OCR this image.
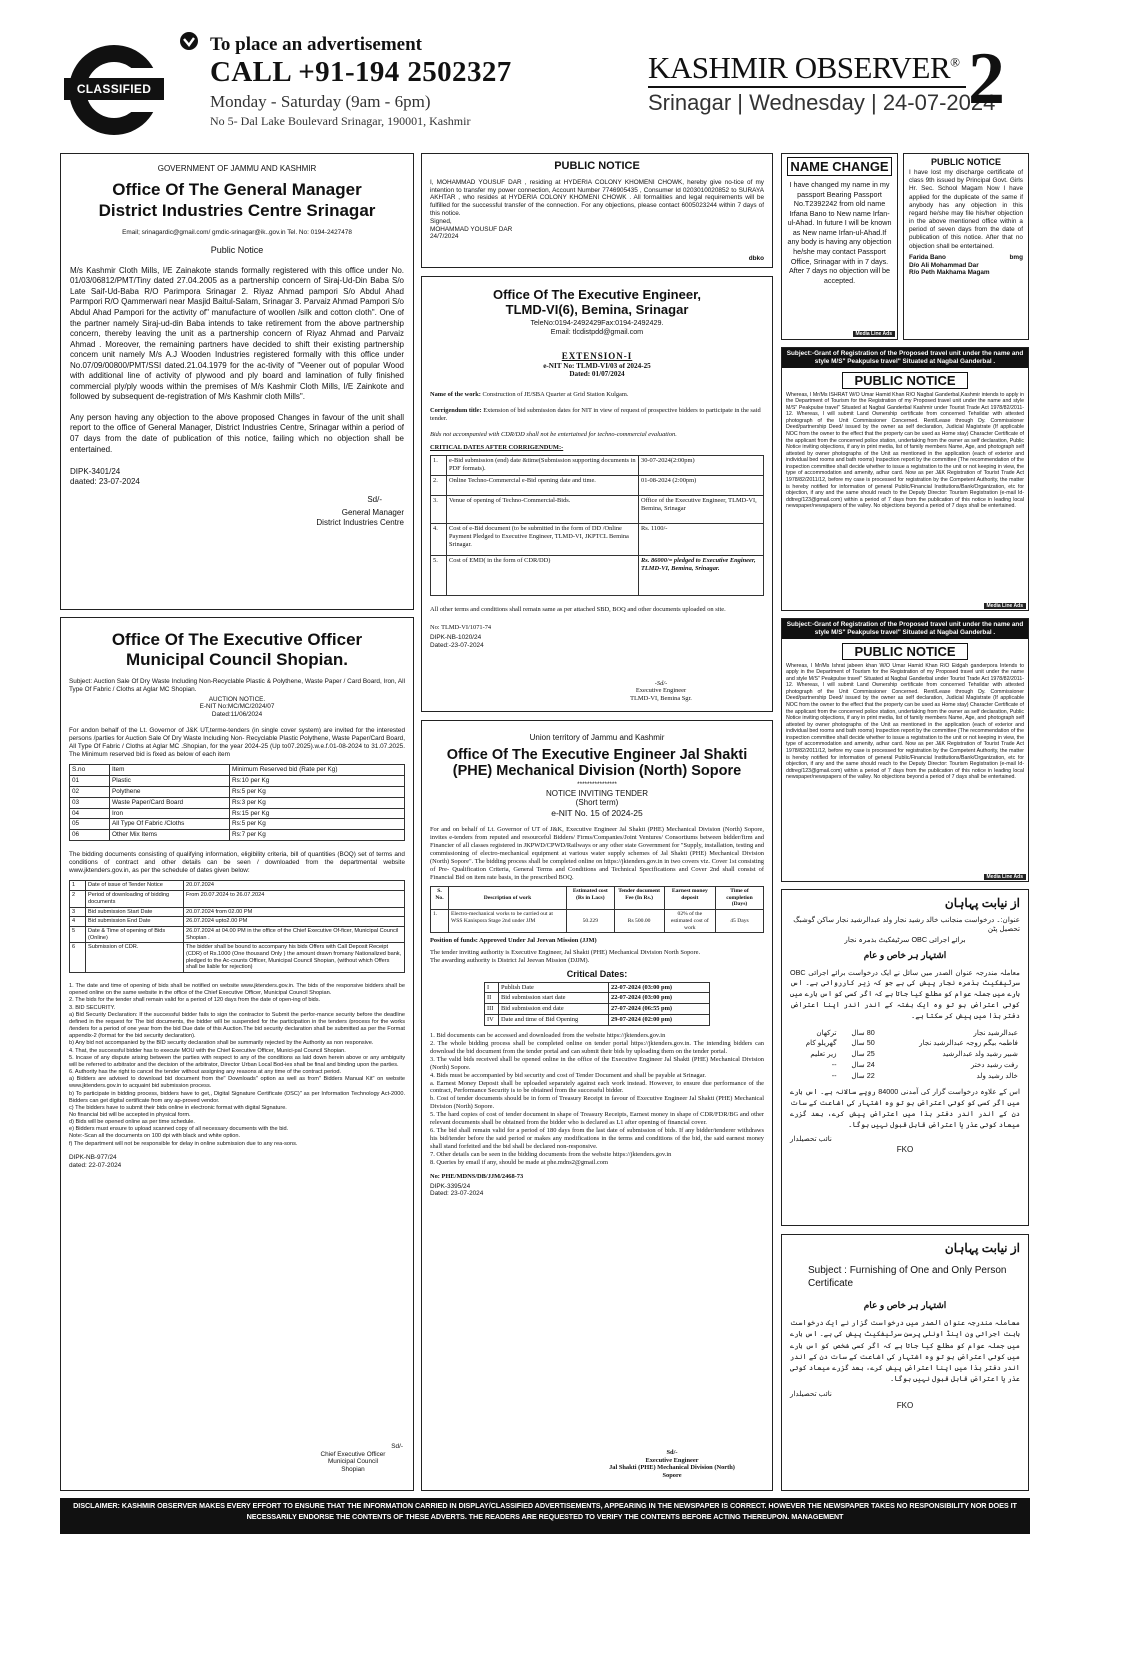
CLASSIFIED
To place an advertisement
CALL +91-194 2502327
Monday - Saturday (9am - 6pm)
No 5- Dal Lake Boulevard Srinagar, 190001, Kashmir
KASHMIR OBSERVER®
Srinagar | Wednesday | 24-07-2024
2
GOVERNMENT OF JAMMU AND KASHMIR
Office Of The General Manager
District Industries Centre Srinagar
Email; srinagardic@gmail.com/ gmdic-srinagar@ik..gov.in Tel. No: 0194-2427478
Public Notice
M/s Kashmir Cloth Mills, I/E Zainakote stands formally registered with this office under No. 01/03/06812/PMT/Tiny dated 27.04.2005 as a partnership concern of Siraj-Ud-Din Baba S/o Late Saif-Ud-Baba R/O Parimpora Srinagar 2. Riyaz Ahmad pampori S/o Abdul Ahad Parmpori R/O Qammerwari near Masjid Baitul-Salam, Srinagar 3. Parvaiz Ahmad Pampori S/o Abdul Ahad Pampori for the activity of" manufacture of woollen /silk and cotton cloth". One of the partner namely Siraj-ud-din Baba intends to take retirement from the above partnership concern, thereby leaving the unit as a partnership concern of Riyaz Ahmad and Parvaiz Ahmad . Moreover, the remaining partners have decided to shift their existing partnership concem unit namely M/s A.J Wooden Industries registered formally with this office under No.07/09/00800/PMT/SSI dated.21.04.1979 for the ac-tivity of "Veener out of popular Wood with additional line of activity of plywood and ply board and lamination of fully finished commercial ply/ply woods within the premises of M/s Kashmir Cloth Mills, I/E Zainkote and followed by subsequent de-registration of M/s Kashmir cloth Mills".
Any person having any objection to the above proposed Changes in favour of the unit shall report to the office of General Manager, District Industries Centre, Srinagar within a period of 07 days from the date of publication of this notice, failing which no objection shall be entertained.
DIPK-3401/24
daated: 23-07-2024
Sd/-
General Manager
District Industries Centre
Office Of The Executive Officer
Municipal Council Shopian.
Subject: Auction Sale Of Dry Waste Including Non-Recyclable Plastic & Polythene, Waste Paper / Card Board, Iron, All Type Of Fabric / Cloths at Aglar MC Shopian.
AUCTION NOTICE.
E-NIT No:MC/MC/2024/07
Dated:11/06/2024
For andon behalf of the Lt. Governor of J&K UT,terme-tenders (in single cover system) are invited for the interested persons /parties for Auction Sale Of Dry Waste Including Non- Recyclable Plastic Polythene, Waste Paper/Card Board, All Type Of Fabric / Cloths at Aglar MC .Shopian, for the year 2024-25 (Up to07.2025).w.e.f.01-08-2024 to 31.07.2025. The Minimum reserved bid is fixed as below of each item
S.no	Item	Minimum Reserved bid (Rate per Kg)
01	Plastic	Rs:10 per Kg
02	Polythene	Rs:5 per Kg
03	Waste Paper/Card Board	Rs:3 per Kg
04	Iron	Rs:15 per Kg
05	All Type Of Fabric /Cloths	Rs:5 per Kg
06	Other Mix Items	Rs:7 per Kg
The bidding documents consisting of qualifying information, eligibility criteria, bill of quantities (BOQ) set of terms and conditions of contract and other details can be seen / downloaded from the departmental website www.jktenders.gov.in, as per the schedule of dates given below:
1	Date of issue of Tender Notice	20.07.2024
2	Period of downloading of bidding documents	From 20.07.2024 to 26.07.2024
3	Bid submission Start Date	20.07.2024 from 02.00 PM
4	Bid submission End Date	26.07.2024 upto2.00 PM
5	Date & Time of opening of Bids (Online)	26.07.2024 at 04.00 PM in the office of the Chief Executive Of-ficer, Municipal Council Shopian .
6	Submission of CDR.	The bidder shall be bound to accompany his bids Offers with Call Deposit Receipt (CDR) of Rs.1000 (One thousand Only ) the amount drawn fromany Nationalized bank, pledged to the Ac-counts Officer, Municipal Council Shopian, (without which Offers shall be liable for rejection)
1. The date and time of opening of bids shall be notified on website www.jktenders.gov.in. The bids of the responsive bidders shall be opened online on the same website in the office of the Chief Executive Officer, Municipal Council Shopian.
2. The bids for the tender shall remain valid for a period of 120 days from the date of open-ing of bids.
3. BID SECURITY.
a) Bid Security Declaration: If the successful bidder fails to sign the contractor to Submit the perfor-mance security before the deadline defined in the request for The bid documents, the bidder will be suspended for the participation in the tenders /process for the works /tenders for a period of one year from the bid Due date of this Auction.The bid security declaration shall be submitted as per the Format appendix-2 (format for the bid security declaration).
b) Any bid not accompanied by the BID security declaration shall be summarily rejected by the Authority as non responsive.
4. That, the successful bidder has to execute MOU with the Chief Executive Officer, Munici-pal Council Shopian.
5. Incase of any dispute arising between the parties with respect to any of the conditions as laid down herein above or any ambiguity will be referred to arbitrator and the decision of the arbitrator, Director Urban Local Bod-ies shall be final and binding upon the parties.
6. Authority has the right to cancel the tender without assigning any reasons at any time of the contract period.
a) Bidders are advised to download bid document from the" Downloads" option as well as from" Bidders Manual Kit" on website www.jktenders.gov.in to acquaint bid submission process.
b) To participate in bidding process, bidders have to get,, Digital Signature Certificate (DSC)" as per Information Technology Act-2000. Bidders can get digital certificate from any ap-proved vendor.
c) The bidders have to submit their bids online in electronic format with digital Signature.
No financial bid will be accepted in physical form.
d) Bids will be opened online as per time schedule.
e) Bidders must ensure to upload scanned copy of all necessary documents with the bid.
Note:-Scan all the documents on 100 dpi with black and white option.
f) The department will not be responsible for delay in online submission due to any rea-sons.
DIPK-NB-977/24
dated: 22-07-2024
Sd/-
Chief Executive Officer
Municipal Council
Shopian
PUBLIC NOTICE
I, MOHAMMAD YOUSUF DAR , residing at HYDERIA COLONY KHOMENI CHOWK, hereby give no-tice of my intention to transfer my power connection, Account Number 7746905435 , Consumer Id 0203010020852 to SURAYA AKHTAR , who resides at HYDERIA COLONY KHOMENI CHOWK . All formalities and legal requirements will be fulfilled for the successful transfer of the connection. For any objections, please contact 6005023244 within 7 days of this notice.
Signed,
MOHAMMAD YOUSUF DAR
24/7/2024
dbko
Office Of The Executive Engineer,
TLMD-VI(6), Bemina, Srinagar
TeleNo:0194-2492429Fax:0194-2492429.
Email: tlcdistpdd@gmail.com
EXTENSION-I
e-NIT No: TLMD-VI/03 of 2024-25
Dated: 01/07/2024
Name of the work: Construction of JE/SBA Quarter at Grid Station Kulgam.
Corrigendum title: Extension of bid submission dates for NIT in view of request of prospective bidders to participate in the said tender.
Bids not accompanied with CDR/DD shall not be entertained for techno-commercial evaluation.
CRITICAL DATES AFTER CORRIGENDUM:-
1.	e-Bid submission (end) date &time(Submission supporting documents in PDF formats).	30-07-2024(2:00pm)
2.	Online Techno-Commercial e-Bid opening date and time.	01-08-2024 (2:00pm)
3.	Venue of opening of Techno-Commercial-Bids.	Office of the Executive Engineer, TLMD-VI, Bemina, Srinagar
4.	Cost of e-Bid document (to be submitted in the form of DD /Online Payment Pledged to Executive Engineer, TLMD-VI, JKPTCL Bemina Srinagar.	Rs. 1100/-
5.	Cost of EMD( in the form of CDR/DD)	Rs. 86000/= pledged to Executive Engineer, TLMD-VI, Bemina, Srinagar.
All other terms and conditions shall remain same as per attached SBD, BOQ and other documents uploaded on site.
No: TLMD-VI/1071-74
DIPK-NB-1020/24
Dated:-23-07-2024
-Sd/-
Executive Engineer
TLMD-VI, Bemina Sgr.
Union territory of Jammu and Kashmir
Office Of The Executive Engineer Jal Shakti
(PHE) Mechanical Division (North) Sopore
****************
NOTICE INVITING TENDER
(Short term)
e-NIT No. 15 of 2024-25
For and on behalf of Lt. Governor of UT of J&K, Executive Engineer Jal Shakti (PHE) Mechanical Division (North) Sopore, invites e-tenders from reputed and resourceful Bidders/ Firms/Companies/Joint Ventures/ Consortiums between bidder/firm and Financier of all classes registered in JKPWD/CPWD/Railways or any other state Government for "Supply, installation, testing and commissioning of electro-mechanical equipment at various water supply schemes of Jal Shakti (PHE) Mechanical Division (North) Sopore". The bidding process shall be completed online on https://jktenders.gov.in in two covers viz. Cover 1st consisting of Pre- Qualification Criteria, General Terms and Conditions and Technical Specifications and Cover 2nd shall consist of Financial Bid on item rate basis, in the prescribed BOQ.
S. No.	Description of work	Estimated cost (Rs in Lacs)	Tender document Fee (In Rs.)	Earnest money deposit	Time of completion (Days)
1.	Electro-mechanical works to be carried out at WSS Kanispora Stage 2nd under JJM	50.229	Rs 500.00	02% of the estimated cost of work	45 Days
Position of funds: Approved Under Jal Jeevan Mission (JJM)
The tender inviting authority is Executive Engineer, Jal Shakti (PHE) Mechanical Division North Sopore.
The awarding authority is District Jal Jeevan Mission (DJJM).
Critical Dates:
I	Publish Date	22-07-2024 (03:00 pm)
II	Bid submission start date	22-07-2024 (03:00 pm)
III	Bid submission end date	27-07-2024 (06:55 pm)
IV	Date and time of Bid Opening	29-07-2024 (02:00 pm)
1. Bid documents can be accessed and downloaded from the website https://jktenders.gov.in
2. The whole bidding process shall be completed online on tender portal https://jktenders.gov.in. The intending bidders can download the bid document from the tender portal and can submit their bids by uploading them on the tender portal.
3. The valid bids received shall be opened online in the office of the Executive Engineer Jal Shakti (PHE) Mechanical Division (North) Sopore.
4. Bids must be accompanied by bid security and cost of Tender Document and shall be payable at Srinagar.
a. Earnest Money Deposit shall be uploaded separately against each work instead. However, to ensure due performance of the contract, Performance Security is to be obtained from the successful bidder.
b. Cost of tender documents should be in form of Treasury Receipt in favour of Executive Engineer Jal Shakti (PHE) Mechanical Division (North) Sopore.
5. The hard copies of cost of tender document in shape of Treasury Receipts, Earnest money in shape of CDR/FDR/BG and other relevant documents shall be obtained from the bidder who is declared as L1 after opening of financial cover.
6. The bid shall remain valid for a period of 180 days from the last date of submission of bids. If any bidder/tenderer withdraws his bid/tender before the said period or makes any modifications in the terms and conditions of the bid, the said earnest money shall stand forfeited and the bid shall be declared non-responsive.
7. Other details can be seen in the bidding documents from the website https://jktenders.gov.in
8. Queries by email if any, should be made at phe.mdns2@gmail.com
No: PHE/MDNS/DB/JJM/2468-73
DIPK-3395/24
Dated: 23-07-2024
Sd/-
Executive Engineer
Jal Shakti (PHE) Mechanical Division (North)
Sopore
NAME CHANGE
I have changed my name in my passport Bearing Passport No.T2392242 from old name Irfana Bano to New name Irfan-ul-Ahad. In future I will be known as New name Irfan-ul-Ahad.If any body is having any objection he/she may contact Passport Office, Srinagar with in 7 days. After 7 days no objection will be accepted.
Media Line Ads
PUBLIC NOTICE
I have lost my discharge certificate of class 9th issued by Principal Govt. Girls Hr. Sec. School Magam Now I have applied for the duplicate of the same if anybody has any objection in this regard he/she may file his/her objection in the above mentioned office within a period of seven days from the date of publication of this notice. After that no objection shall be entertained.
Farida Bano	bmg
D/o Ali Mohammad Dar
R/o Peth Makhama Magam
Subject:-Grant of Registration of the Proposed travel unit under the name and style M/S" Peakpulse travel" Situated at Nagbal Ganderbal .
PUBLIC NOTICE
Whereas, I Mr/Ms ISHRAT W/O Umar Hamid Khan R/O Nagbal Ganderbal,Kashmir intends to apply in the Department of Tourism for the Registration of my Proposed travel unit under the name and style M/S" Peakpulse travel" Situated at Nagbal Ganderbal Kashmir under Tourist Trade Act 1978/82/2011-12. Whereas, I will submit Land Ownership certificate from concerned Tehsildar with attested photograph of the Unit Commissioner Concerned. Rent/Lease through Dy. Commissioner Deed/partnership Deed/ issued by the owner as self declaration, Judicial Magistrate (If applicable NOC from the owner to the effect that the property can be used as Home stay) Character Certificate of the applicant from the concerned police station, undertaking from the owner as self declaration, Public Notice inviting objections, if any in print media, list of family members Name, Age, and photograph self attested by owner photographs of the Unit as mentioned in the application (each of exterior and individual bed rooms and bath rooms) Inspection report by the committee (The recommendation of the inspection committee shall decide whether to issue a registration to the unit or not keeping in view, the type of accommodation and amenity, adhar card. Now as per J&K Registration of Tourist Trade Act 1978/82/2011/12, before my case is processed for registration by the Competent Authority, the matter is hereby notified for information of general Public/Financial Institutions/Bank/Organization, etc for objection, if any and the same should reach to the Deputy Director: Tourism Registration (e-mail Id-ddtreg/123@gmail.com) within a period of 7 days from the publication of this notice in leading local newspaper/newspapers of the valley. No objections beyond a period of 7 days shall be entertained.
Media Line Ads
Subject:-Grant of Registration of the Proposed travel unit under the name and style M/S" Peakpulse travel" Situated at Nagbal Ganderbal .
PUBLIC NOTICE
Whereas, I Mr/Ms Ishrat jabeen khan W/O Umar Hamid Khan R/O Eidgah ganderpora Intends to apply in the Department of Tourism for the Registration of my Proposed travel unit under the name and style M/S" Peakpulse travel" Situated at Nagbal Ganderbal under Tourist Trade Act 1978/82/2011-12. Whereas, I will submit Land Ownership certificate from concerned Tehsildar with attested photograph of the Unit Commissioner Concerned. Rent/Lease through Dy. Commissioner Deed/partnership Deed/ issued by the owner as self declaration, Judicial Magistrate (If applicable NOC from the owner to the effect that the property can be used as Home stay) Character Certificate of the applicant from the concerned police station, undertaking from the owner as self declaration, Public Notice inviting objections, if any in print media, list of family members Name, Age, and photograph self attested by owner photographs of the Unit as mentioned in the application (each of exterior and individual bed rooms and bath rooms) Inspection report by the committee (The recommendation of the inspection committee shall decide whether to issue a registration to the unit or not keeping in view, the type of accommodation and amenity, adhar card. Now as per J&K Registration of Tourist Trade Act 1978/82/2011/12, before my case is processed for registration by the Competent Authority, the matter is hereby notified for information of general Public/Financial Institutions/Bank/Organization, etc for objection, if any and the same should reach to the Deputy Director: Tourism Registration (e-mail Id-ddtreg/123@gmail.com) within a period of 7 days from the publication of this notice in leading local newspaper/newspapers of the valley. No objections beyond a period of 7 days shall be entertained.
Media Line Ads
از نیابت پہاہان
عنوان:۔ درخواست منجانب خالد رشید نجار ولد عبدالرشید نجار ساکن گوشبگ تحصیل پٹن
برائے اجرائی OBC سرٹیفکیٹ بذمرہ نجار
اشتہار ہر خاص و عام
معاملہ مندرجہ عنوان الصدر میں سائل نے ایک درخواست برائے اجرائی OBC سرٹیفکیٹ بذمرہ نجار پیش کی ہے جو کہ زیر کارروائی ہے۔ اس بارے میں جملہ عوام کو مطلع کیا جاتا ہے کہ اگر کسی کو اس بارے میں کوئی اعتراض ہو تو وہ ایک ہفتہ کے اندر اندر اپنا اعتراض دفتر ہذا میں پیش کر سکتا ہے۔
عبدالرشید نجار	80 سال	ترکھان
فاطمہ بیگم زوجہ عبدالرشید نجار	50 سال	گھریلو کام
شبیر رشید ولد عبدالرشید	25 سال	زیر تعلیم
رفت رشید دختر	24 سال	--
خالد رشید ولد	22 سال	--
اس کے علاوہ درخواست گزار کی آمدنی 84000 روپے سالانہ ہے۔ اس بارے میں اگر کسی کو کوئی اعتراض ہو تو وہ اشتہار کی اشاعت کے سات دن کے اندر اندر دفتر ہذا میں اعتراض پیش کرے، بعد گزرے میعاد کوئی عذر یا اعتراض قابل قبول نہیں ہوگا۔
نائب تحصیلدار
FKO
از نیابت پہاہان
Subject : Furnishing of One and Only Person Certificate
اشتہار ہر خاص و عام
معاملہ مندرجہ عنوان الصدر میں درخواست گزار نے ایک درخواست بابت اجرائی ون اینڈ اونلی پرسن سرٹیفکیٹ پیش کی ہے۔ اس بارے میں جملہ عوام کو مطلع کیا جاتا ہے کہ اگر کسی شخص کو اس بارے میں کوئی اعتراض ہو تو وہ اشتہار کی اشاعت کے سات دن کے اندر اندر دفتر ہذا میں اپنا اعتراض پیش کرے، بعد گزرے میعاد کوئی عذر یا اعتراض قابل قبول نہیں ہوگا۔
نائب تحصیلدار
FKO
DISCLAIMER: KASHMIR OBSERVER MAKES EVERY EFFORT TO ENSURE THAT THE INFORMATION CARRIED IN DISPLAY/CLASSIFIED ADVERTISEMENTS, APPEARING IN THE NEWSPAPER IS CORRECT. HOWEVER THE NEWSPAPER TAKES NO RESPONSIBILITY NOR DOES IT NECESSARILY ENDORSE THE CONTENTS OF THESE ADVERTS. THE READERS ARE REQUESTED TO VERIFY THE CONTENTS BEFORE ACTING THEREUPON. MANAGEMENT
